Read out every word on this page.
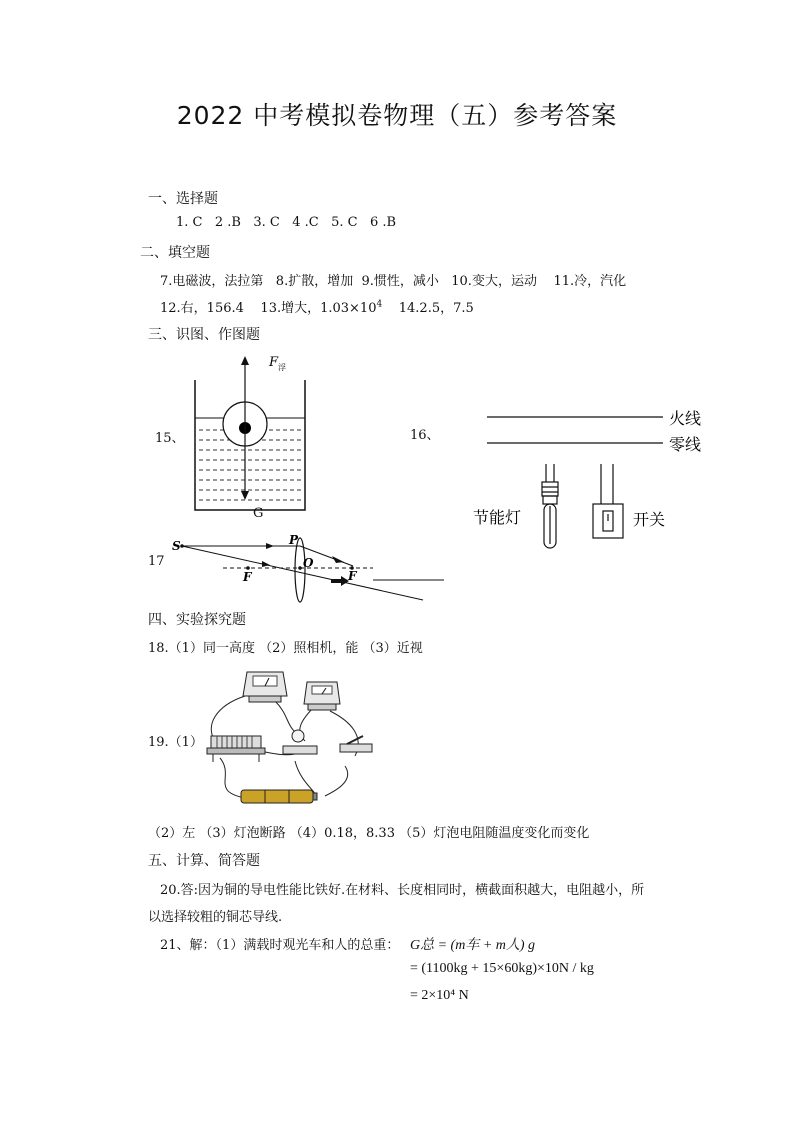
2022 中考模拟卷物理（五）参考答案
一、选择题
1. C   2 .B   3. C   4 .C   5. C   6 .B
二、填空题
7.电磁波，法拉第   8.扩散，增加  9.惯性，减小   10.变大，运动    11.冷，汽化
12.右，156.4    13.增大，$1.03\times 10^4$    14.2.5，7.5
三、识图、作图题
15、	16、
17
F 浮
G
火线
零线
节能灯	开关
S	P
O
F	F
四、实验探究题
18.（1）同一高度 （2）照相机，能 （3）近视
19.（1）
（2）左 （3）灯泡断路 （4）0.18，8.33 （5）灯泡电阻随温度变化而变化
五、计算、简答题
20.答:因为铜的导电性能比铁好.在材料、长度相同时，横截面积越大，电阻越小，所
以选择较粗的铜芯导线.
21、解：（1）满载时观光车和人的总重： G总 = (m车 + m人) g
= (1100kg + 15×60kg)×10N / kg
= 2×10⁴ N
